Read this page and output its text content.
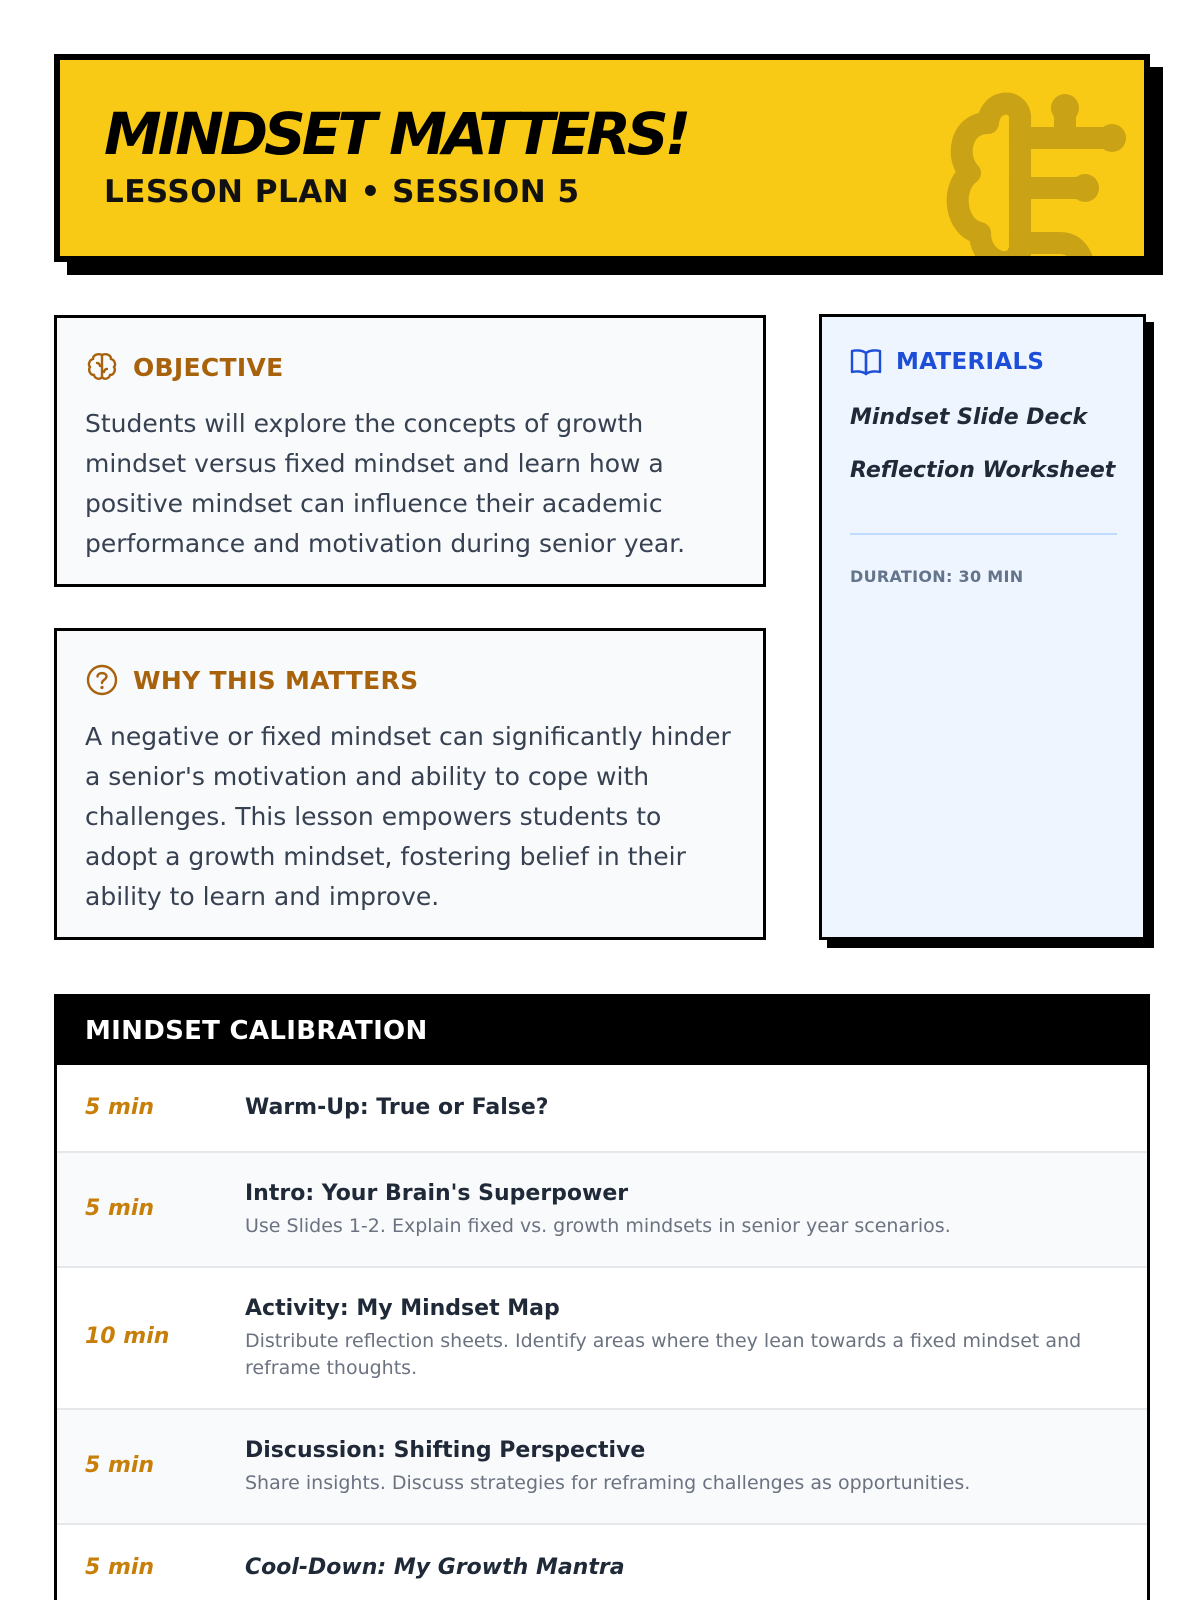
MINDSET MATTERS!
LESSON PLAN • SESSION 5
OBJECTIVE

Students will explore the concepts of growth mindset versus fixed mindset and learn how a positive mindset can influence their academic performance and motivation during senior year.

WHY THIS MATTERS

A negative or fixed mindset can significantly hinder a senior's motivation and ability to cope with challenges. This lesson empowers students to adopt a growth mindset, fostering belief in their ability to learn and improve.

MATERIALS
Mindset Slide Deck
Reflection Worksheet
DURATION: 30 MIN
MINDSET CALIBRATION
5 min	Warm-Up: True or False?
5 min
Intro: Your Brain's Superpower
Use Slides 1-2. Explain fixed vs. growth mindsets in senior year scenarios.
10 min
Activity: My Mindset Map
Distribute reflection sheets. Identify areas where they lean towards a fixed mindset and reframe thoughts.
5 min
Discussion: Shifting Perspective
Share insights. Discuss strategies for reframing challenges as opportunities.
5 min	Cool-Down: My Growth Mantra
